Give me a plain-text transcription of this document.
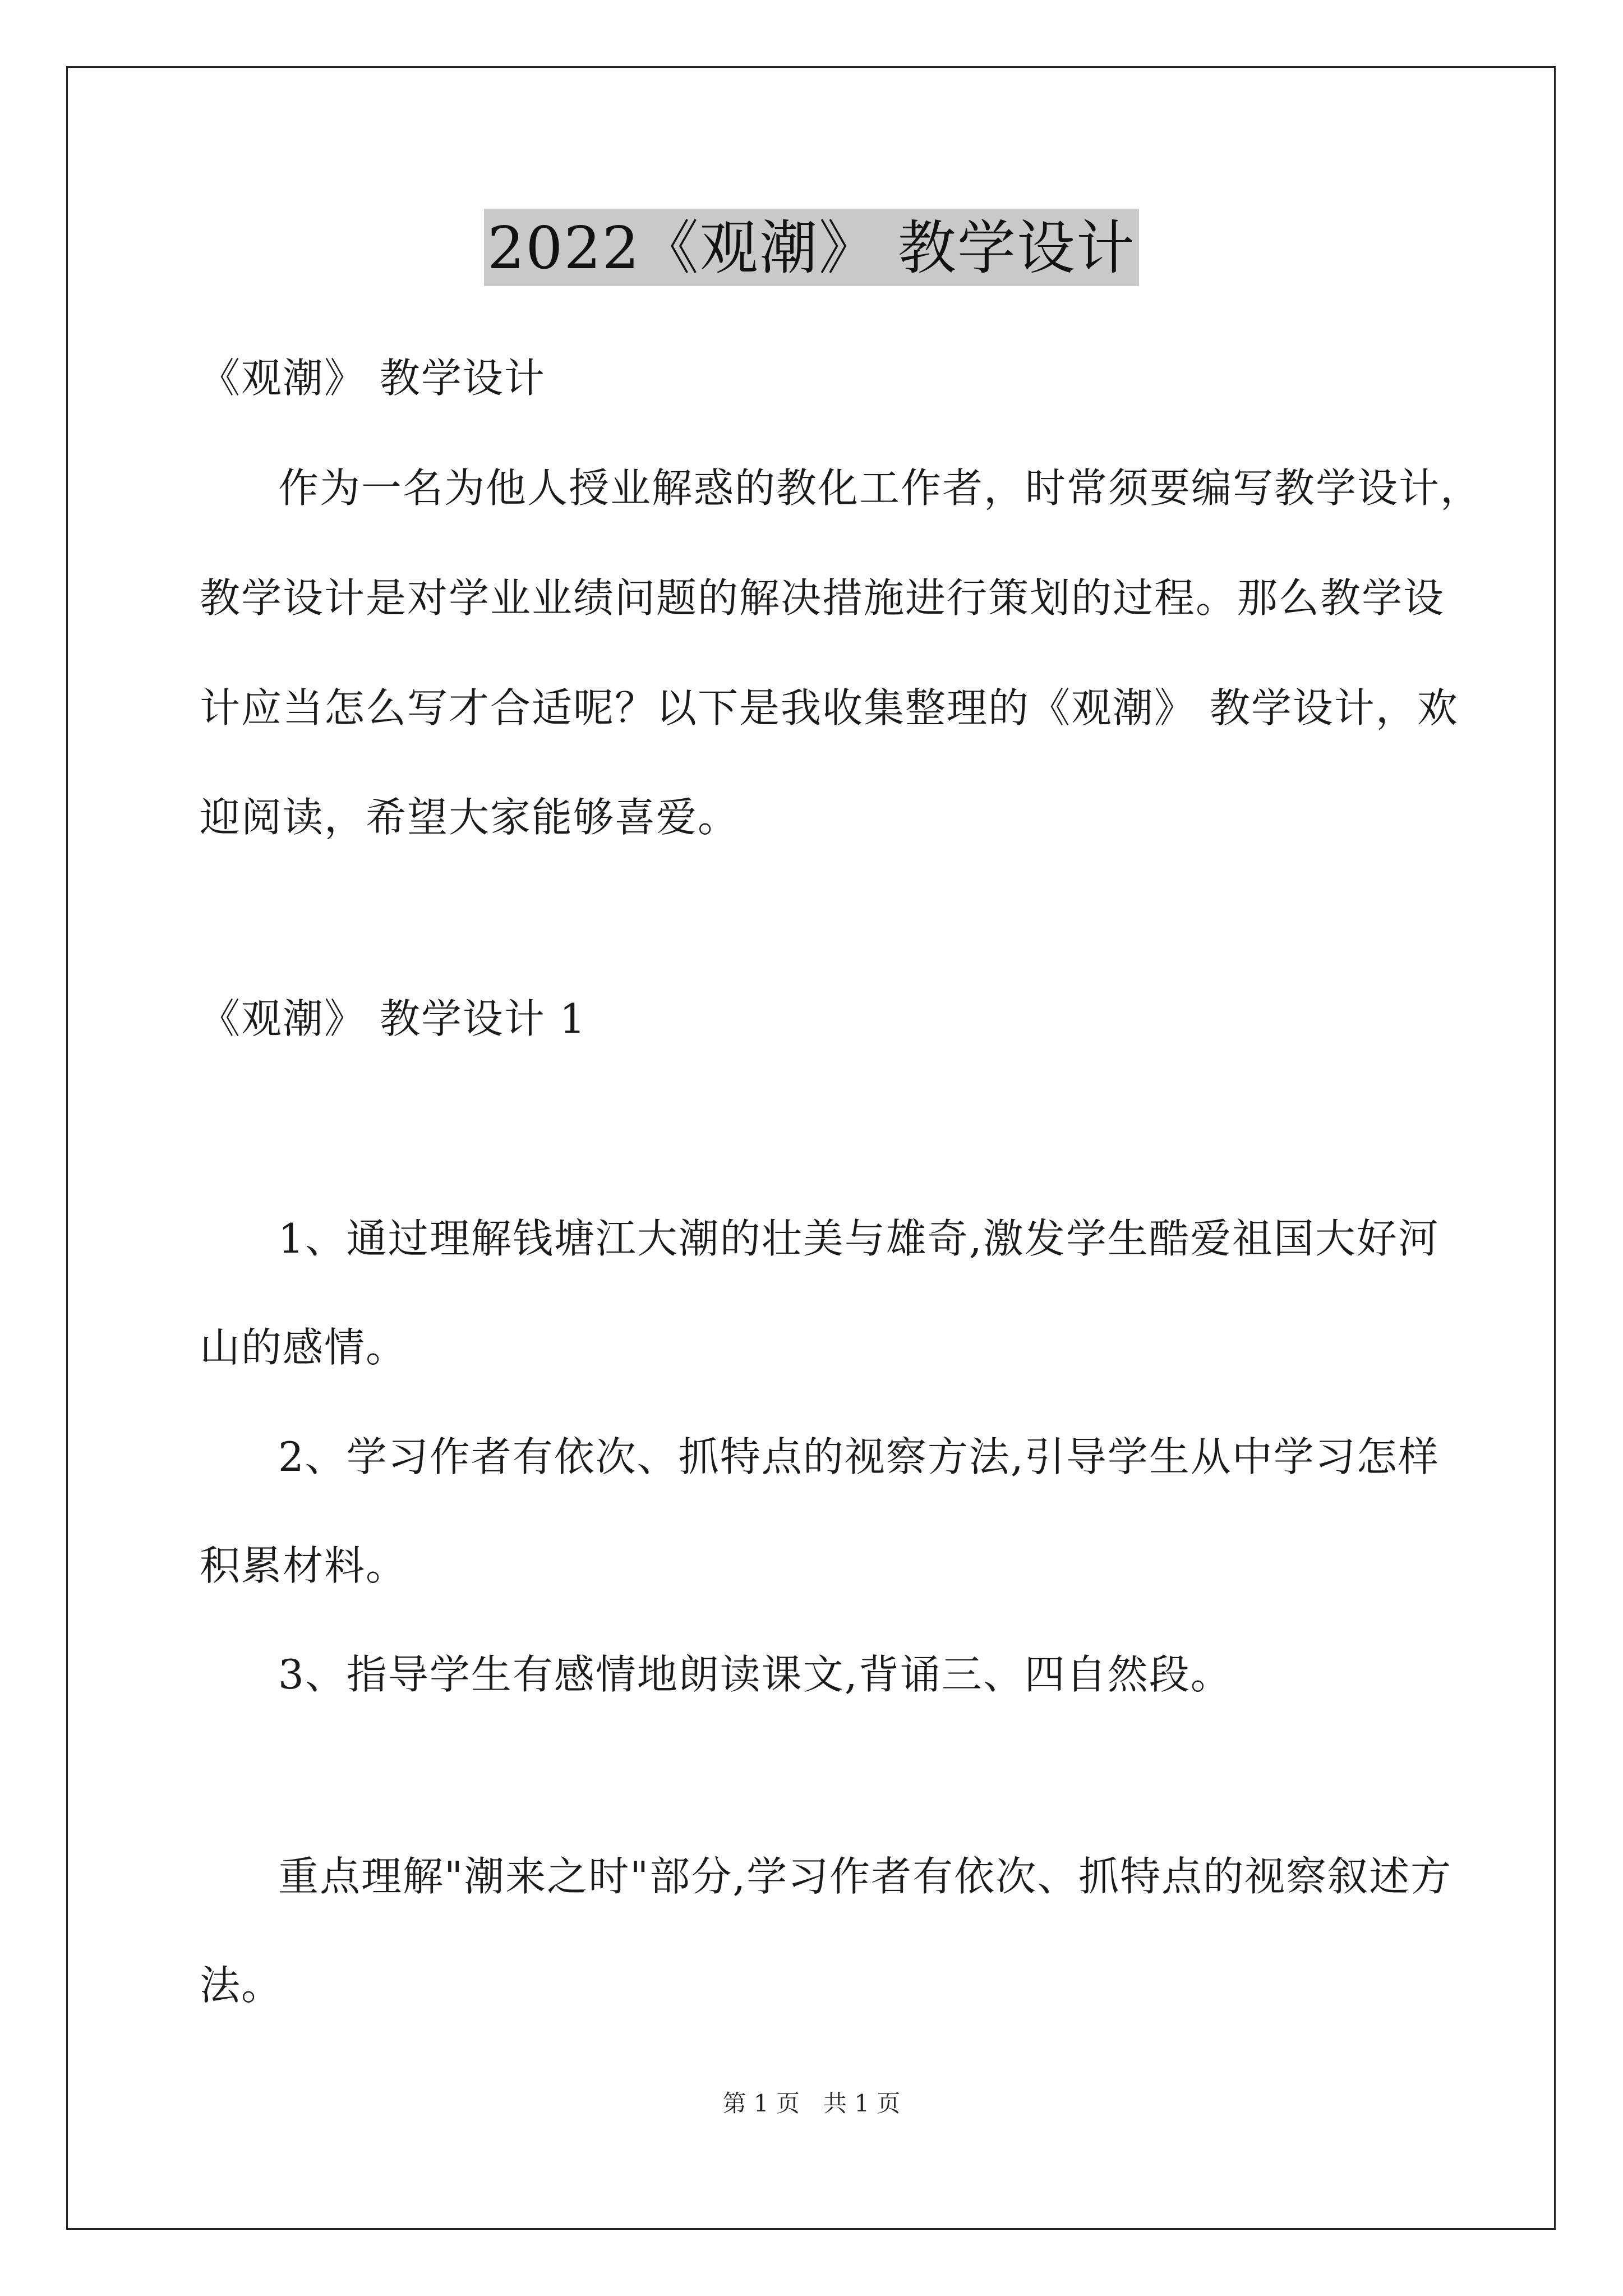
2022《观潮》 教学设计
《观潮》 教学设计
作为一名为他人授业解惑的教化工作者，时常须要编写教学设计，
教学设计是对学业业绩问题的解决措施进行策划的过程。那么教学设
计应当怎么写才合适呢？以下是我收集整理的《观潮》 教学设计，欢
迎阅读，希望大家能够喜爱。
《观潮》 教学设计 1
1、通过理解钱塘江大潮的壮美与雄奇,激发学生酷爱祖国大好河
山的感情。
2、学习作者有依次、抓特点的视察方法,引导学生从中学习怎样
积累材料。
3、指导学生有感情地朗读课文,背诵三、四自然段。
重点理解"潮来之时"部分,学习作者有依次、抓特点的视察叙述方
法。
第 1 页　共 1 页
